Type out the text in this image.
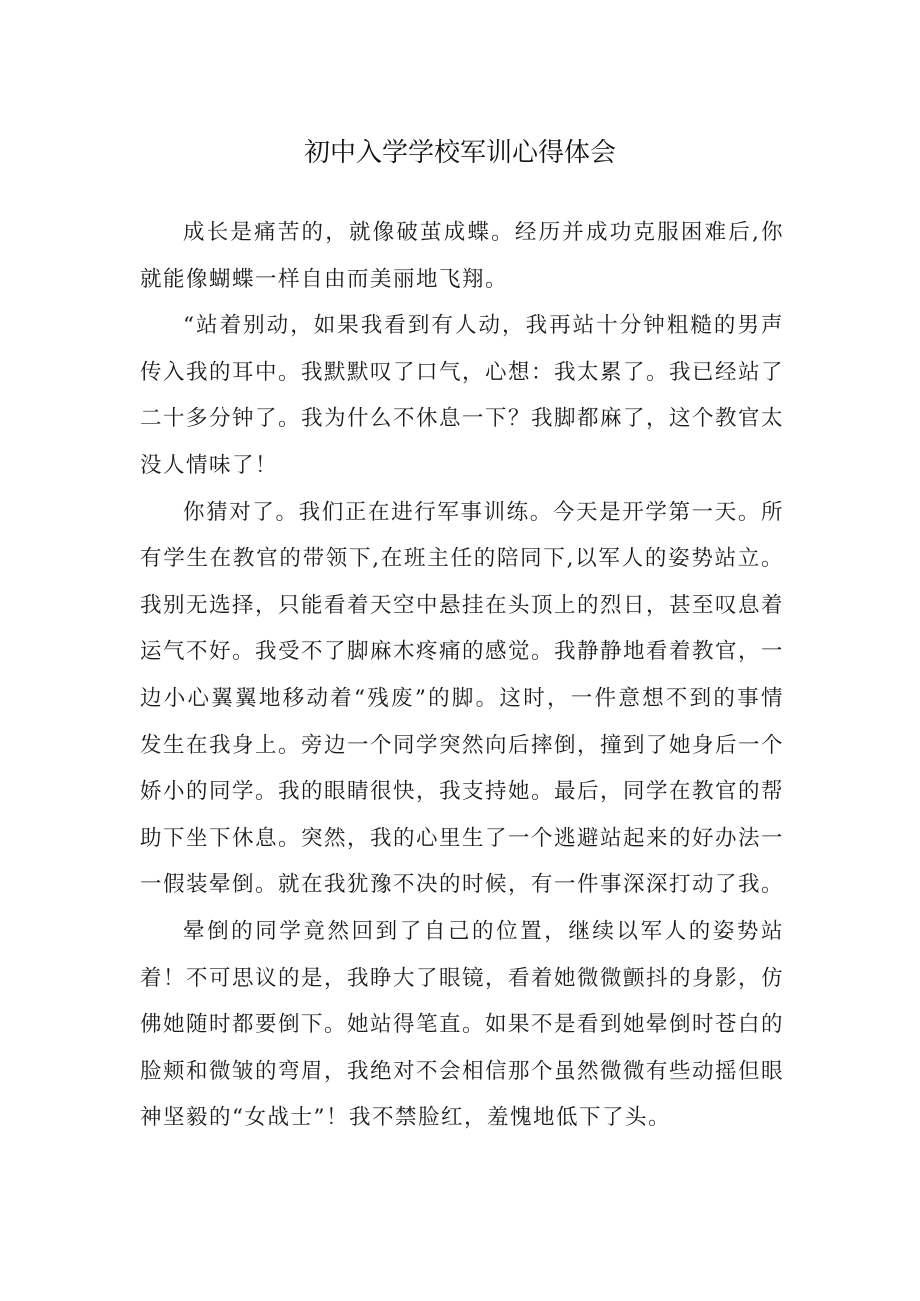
初中入学学校军训心得体会

成长是痛苦的，就像破茧成蝶。经历并成功克服困难后,你就能像蝴蝶一样自由而美丽地飞翔。

“站着别动，如果我看到有人动，我再站十分钟粗糙的男声传入我的耳中。我默默叹了口气，心想：我太累了。我已经站了二十多分钟了。我为什么不休息一下？我脚都麻了，这个教官太没人情味了！

你猜对了。我们正在进行军事训练。今天是开学第一天。所有学生在教官的带领下,在班主任的陪同下,以军人的姿势站立。我别无选择，只能看着天空中悬挂在头顶上的烈日，甚至叹息着运气不好。我受不了脚麻木疼痛的感觉。我静静地看着教官，一边小心翼翼地移动着“残废”的脚。这时，一件意想不到的事情发生在我身上。旁边一个同学突然向后摔倒，撞到了她身后一个娇小的同学。我的眼睛很快，我支持她。最后，同学在教官的帮助下坐下休息。突然，我的心里生了一个逃避站起来的好办法一一假装晕倒。就在我犹豫不决的时候，有一件事深深打动了我。

晕倒的同学竟然回到了自己的位置，继续以军人的姿势站着！不可思议的是，我睁大了眼镜，看着她微微颤抖的身影，仿佛她随时都要倒下。她站得笔直。如果不是看到她晕倒时苍白的脸颊和微皱的弯眉，我绝对不会相信那个虽然微微有些动摇但眼神坚毅的“女战士”！我不禁脸红，羞愧地低下了头。
